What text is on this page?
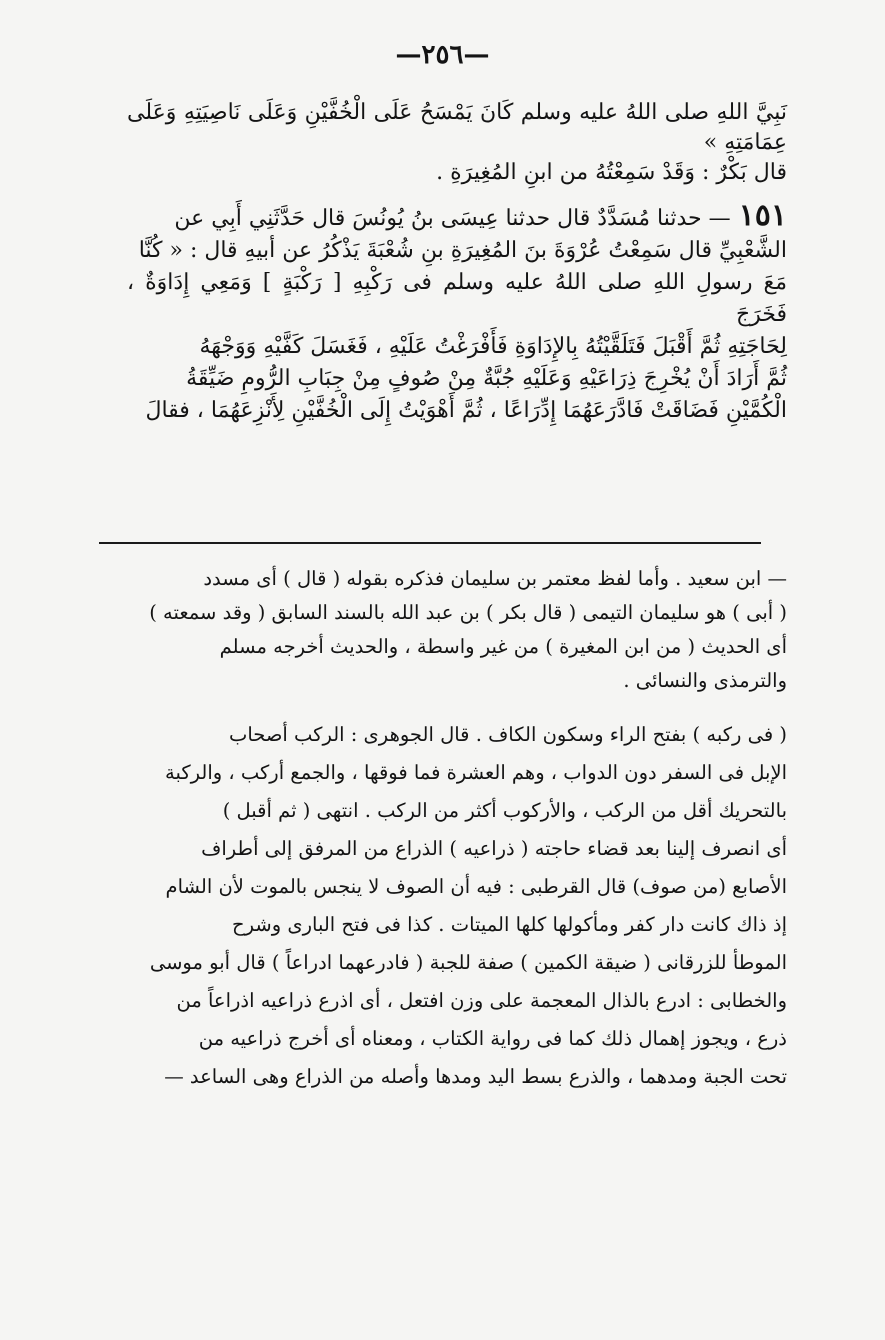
—٢٥٦—

نَبِيَّ اللهِ صلى اللهُ عليه وسلم كَانَ يَمْسَحُ عَلَى الْخُفَّيْنِ وَعَلَى نَاصِيَتِهِ وَعَلَى عِمَامَتِهِ »
قال بَكْرٌ : وَقَدْ سَمِعْتُهُ من ابنِ المُغِيرَةِ .

١٥١— حدثنا مُسَدَّدٌ قال حدثنا عِيسَى بنُ يُونُسَ قال حَدَّثَنِي أَبِي عن
الشَّعْبِيِّ قال سَمِعْتُ عُرْوَةَ بنَ المُغِيرَةِ بنِ شُعْبَةَ يَذْكُرُ عن أبيهِ قال : « كُنَّا
مَعَ رسولِ اللهِ صلى اللهُ عليه وسلم فى رَكْبِهِ [ رَكْبَةٍ ] وَمَعِي إِدَاوَةٌ ، فَخَرَجَ
لِحَاجَتِهِ ثُمَّ أَقْبَلَ فَتَلَقَّيْتُهُ بِالإِدَاوَةِ فَأَفْرَغْتُ عَلَيْهِ ، فَغَسَلَ كَفَّيْهِ وَوَجْهَهُ
ثُمَّ أَرَادَ أَنْ يُخْرِجَ ذِرَاعَيْهِ وَعَلَيْهِ جُبَّةٌ مِنْ صُوفٍ مِنْ جِبَابِ الرُّومِ ضَيِّقَةُ
الْكُمَّيْنِ فَضَاقَتْ فَادَّرَعَهُمَا إِدِّرَاعًا ، ثُمَّ أَهْوَيْتُ إِلَى الْخُفَّيْنِ لِأَنْزِعَهُمَا ، فقالَ

— ابن سعيد . وأما لفظ معتمر بن سليمان فذكره بقوله ( قال ) أى مسدد
( أبى ) هو سليمان التيمى ( قال بكر ) بن عبد الله بالسند السابق ( وقد سمعته )
أى الحديث ( من ابن المغيرة ) من غير واسطة ، والحديث أخرجه مسلم
والترمذى والنسائى .

( فى ركبه ) بفتح الراء وسكون الكاف . قال الجوهرى : الركب أصحاب
الإبل فى السفر دون الدواب ، وهم العشرة فما فوقها ، والجمع أركب ، والركبة
بالتحريك أقل من الركب ، والأركوب أكثر من الركب . انتهى ( ثم أقبل )
أى انصرف إلينا بعد قضاء حاجته ( ذراعيه ) الذراع من المرفق إلى أطراف
الأصابع (من صوف) قال القرطبى : فيه أن الصوف لا ينجس بالموت لأن الشام
إذ ذاك كانت دار كفر ومأكولها كلها الميتات . كذا فى فتح البارى وشرح
الموطأ للزرقانى ( ضيقة الكمين ) صفة للجبة ( فادرعهما ادراعاً ) قال أبو موسى
والخطابى : ادرع بالذال المعجمة على وزن افتعل ، أى اذرع ذراعيه اذراعاً من
ذرع ، ويجوز إهمال ذلك كما فى رواية الكتاب ، ومعناه أى أخرج ذراعيه من
تحت الجبة ومدهما ، والذرع بسط اليد ومدها وأصله من الذراع وهى الساعد —
